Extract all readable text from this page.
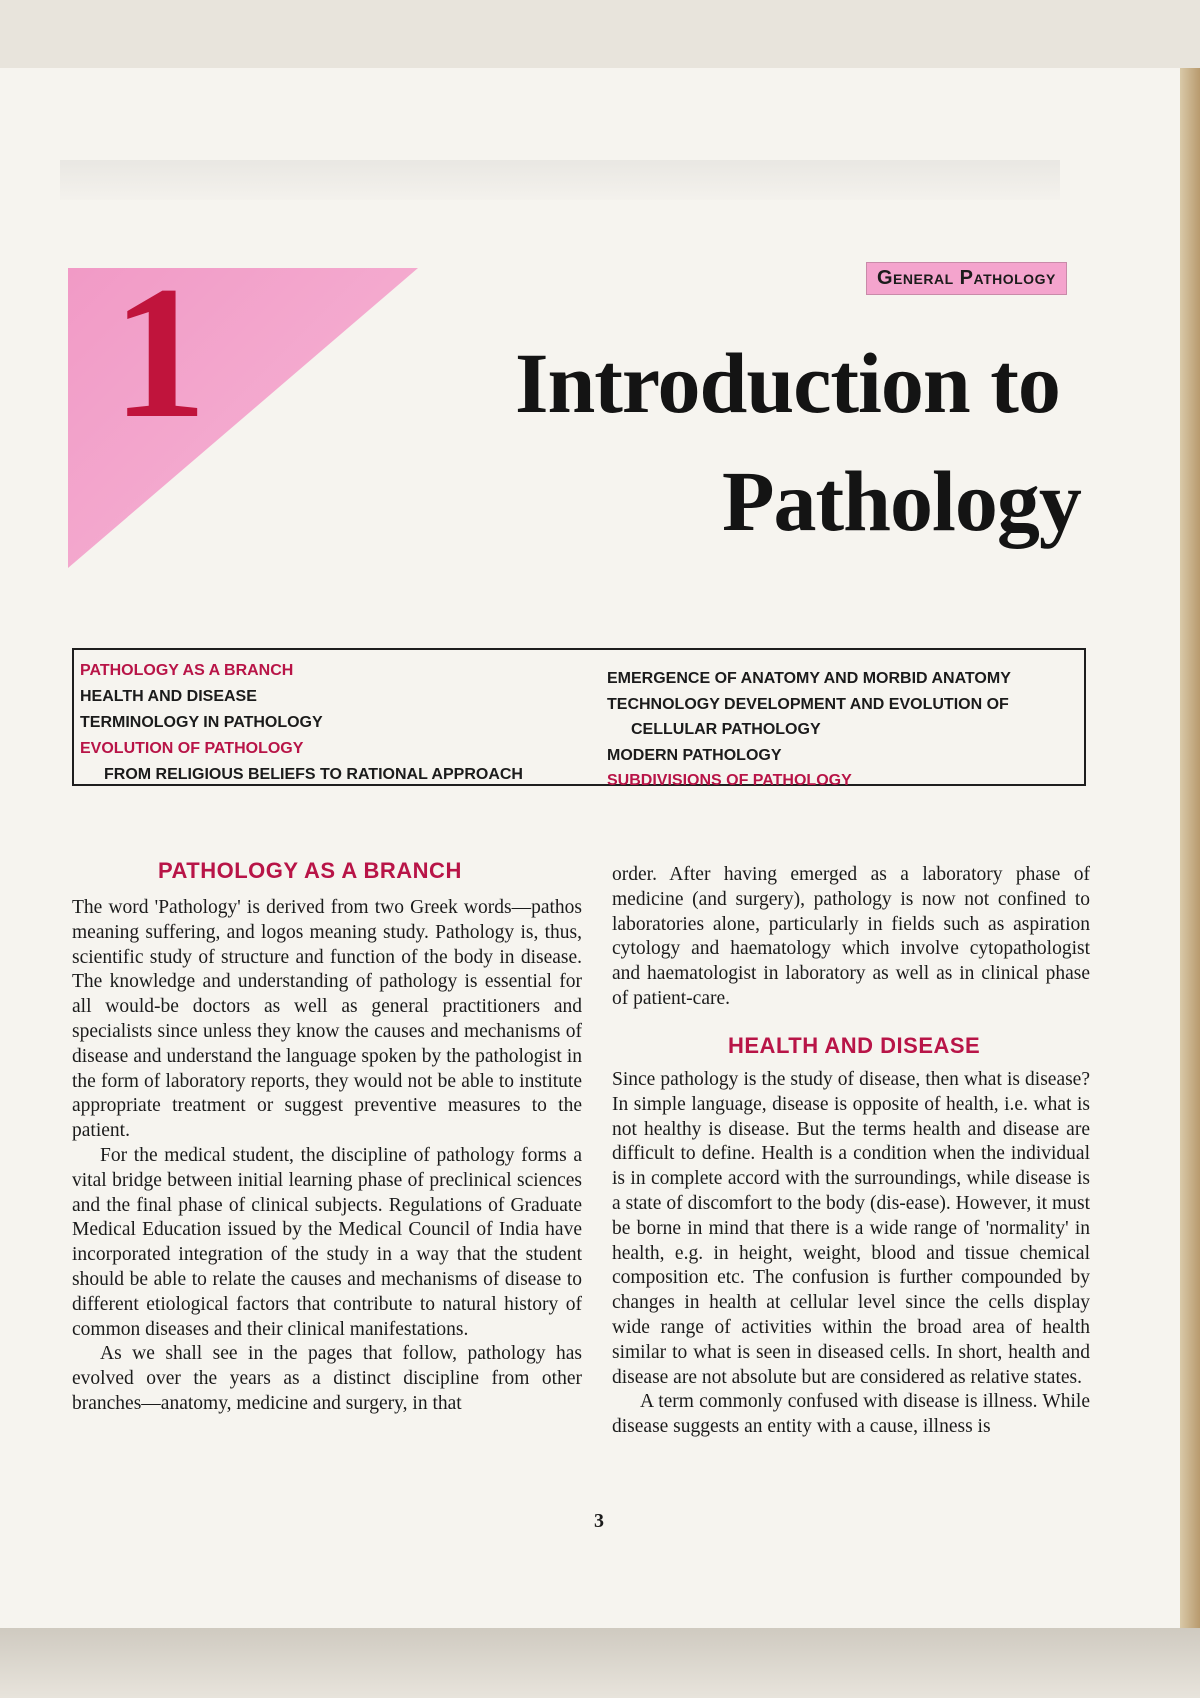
1	General Pathology
Introduction to
Pathology
PATHOLOGY AS A BRANCH
HEALTH AND DISEASE
TERMINOLOGY IN PATHOLOGY
EVOLUTION OF PATHOLOGY
FROM RELIGIOUS BELIEFS TO RATIONAL APPROACH
EMERGENCE OF ANATOMY AND MORBID ANATOMY
TECHNOLOGY DEVELOPMENT AND EVOLUTION OF
CELLULAR PATHOLOGY
MODERN PATHOLOGY
SUBDIVISIONS OF PATHOLOGY
PATHOLOGY AS A BRANCH

The word 'Pathology' is derived from two Greek words—pathos meaning suffering, and logos meaning study. Pathology is, thus, scientific study of structure and function of the body in disease. The knowledge and understanding of pathology is essential for all would-be doctors as well as general practitioners and specialists since unless they know the causes and mechanisms of disease and understand the language spoken by the pathologist in the form of laboratory reports, they would not be able to institute appropriate treatment or suggest preventive measures to the patient.

For the medical student, the discipline of pathology forms a vital bridge between initial learning phase of preclinical sciences and the final phase of clinical subjects. Regulations of Graduate Medical Education issued by the Medical Council of India have incorporated integration of the study in a way that the student should be able to relate the causes and mechanisms of disease to different etiological factors that contribute to natural history of common diseases and their clinical manifestations.

As we shall see in the pages that follow, pathology has evolved over the years as a distinct discipline from other branches—anatomy, medicine and surgery, in that

order. After having emerged as a laboratory phase of medicine (and surgery), pathology is now not confined to laboratories alone, particularly in fields such as aspiration cytology and haematology which involve cytopathologist and haematologist in laboratory as well as in clinical phase of patient-care.

HEALTH AND DISEASE

Since pathology is the study of disease, then what is disease? In simple language, disease is opposite of health, i.e. what is not healthy is disease. But the terms health and disease are difficult to define. Health is a condition when the individual is in complete accord with the surroundings, while disease is a state of discomfort to the body (dis-ease). However, it must be borne in mind that there is a wide range of 'normality' in health, e.g. in height, weight, blood and tissue chemical composition etc. The confusion is further compounded by changes in health at cellular level since the cells display wide range of activities within the broad area of health similar to what is seen in diseased cells. In short, health and disease are not absolute but are considered as relative states.

A term commonly confused with disease is illness. While disease suggests an entity with a cause, illness is

3
